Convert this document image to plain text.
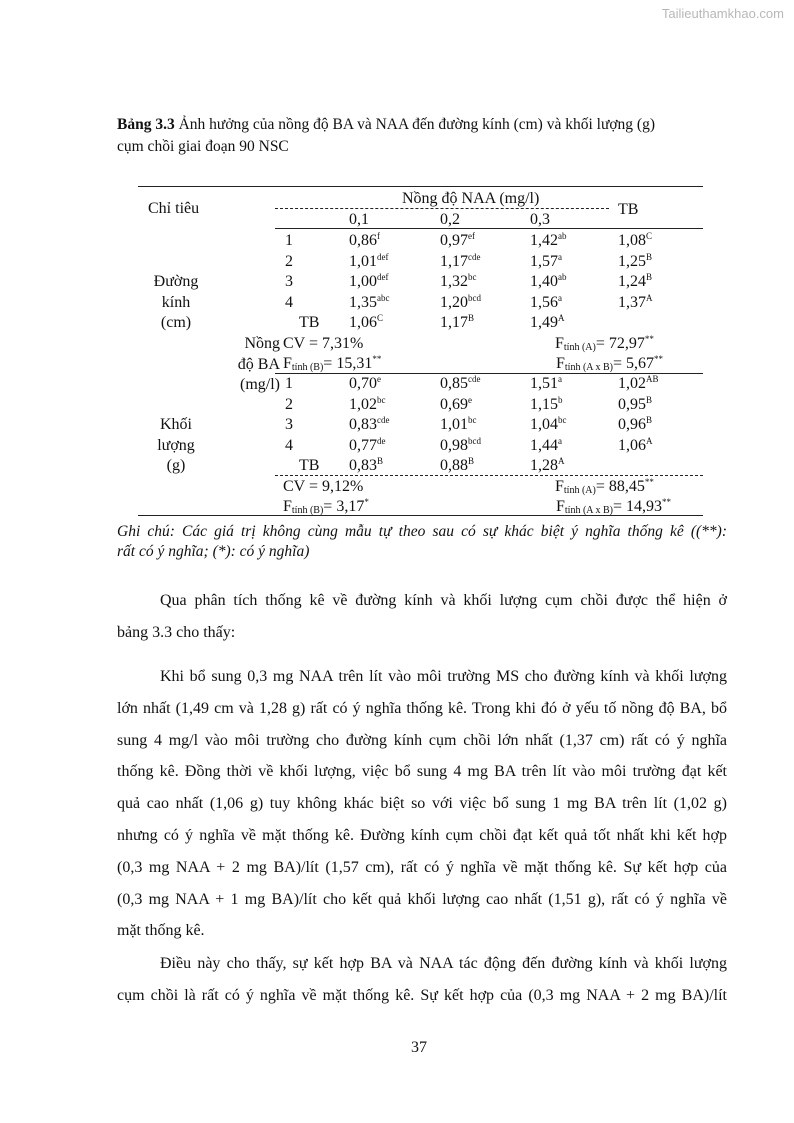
Tailieuthamkhao.com
Bảng 3.3 Ảnh hưởng của nồng độ BA và NAA đến đường kính (cm) và khối lượng (g)
cụm chồi giai đoạn 90 NSC
Chỉ tiêu
Nồng độ NAA (mg/l)
TB
0,1	0,2	0,3
1	0,86$^f$	0,97$^{ef}$	1,42$^{ab}$	$1,08^C$
2	1,01$^{def}$	1,17$^{cde}$	1,57$^a$	$1,25^B$
3	1,00$^{def}$	1,32$^{bc}$	1,40$^{ab}$	$1,24^B$
4	1,35$^{abc}$	1,20$^{bcd}$	1,56$^a$	$1,37^A$
TB $1,06^C$	$1,17^B$	$1,49^A$
Đường
kính
(cm)
CV = 7,31%	$F_{tính (A)}= 72,97^{**}$
$F_{tính (B)}= 15,31^{**}$	$F_{tính (A x B)}= 5,67^{**}$
1	0,70e	0,85$^{cde}$	1,51$^a$	$1,02^{AB}$
2	1,02$^{bc}$	0,69e	1,15$^b$	$0,95^B$
3	0,83$^{cde}$	1,01$^{bc}$	1,04$^{bc}$	$0,96^B$
4	0,77de	0,98$^{bcd}$	1,44$^a$	$1,06^A$
TB $0,83^B$	$0,88^B$	$1,28^A$
Khối
lượng
(g)
CV = 9,12%	$F_{tính (A)}= 88,45^{**}$
$F_{tính (B)}= 3,17^*$	$F_{tính (A x B)}= 14,93^{**}$
Nồng
độ BA
(mg/l)
Ghi chú: Các giá trị không cùng mẫu tự theo sau có sự khác biệt ý nghĩa thống kê ((**):
rất có ý nghĩa; (*): có ý nghĩa)
Qua phân tích thống kê về đường kính và khối lượng cụm chồi được thể hiện ở
bảng 3.3 cho thấy:
Khi bổ sung 0,3 mg NAA trên lít vào môi trường MS cho đường kính và khối lượng
lớn nhất (1,49 cm và 1,28 g) rất có ý nghĩa thống kê. Trong khi đó ở yếu tố nồng độ BA, bổ
sung 4 mg/l vào môi trường cho đường kính cụm chồi lớn nhất (1,37 cm) rất có ý nghĩa
thống kê. Đồng thời về khối lượng, việc bổ sung 4 mg BA trên lít vào môi trường đạt kết
quả cao nhất (1,06 g) tuy không khác biệt so với việc bổ sung 1 mg BA trên lít (1,02 g)
nhưng có ý nghĩa về mặt thống kê. Đường kính cụm chồi đạt kết quả tốt nhất khi kết hợp
(0,3 mg NAA + 2 mg BA)/lít (1,57 cm), rất có ý nghĩa về mặt thống kê. Sự kết hợp của
(0,3 mg NAA + 1 mg BA)/lít cho kết quả khối lượng cao nhất (1,51 g), rất có ý nghĩa về
mặt thống kê.
Điều này cho thấy, sự kết hợp BA và NAA tác động đến đường kính và khối lượng
cụm chồi là rất có ý nghĩa về mặt thống kê. Sự kết hợp của (0,3 mg NAA + 2 mg BA)/lít
37
